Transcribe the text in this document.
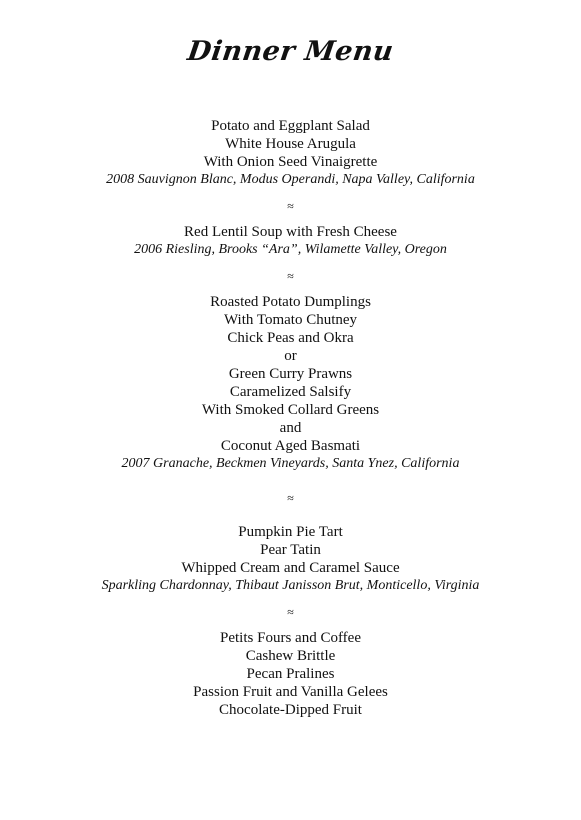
Dinner Menu
Potato and Eggplant Salad
White House Arugula
With Onion Seed Vinaigrette
2008 Sauvignon Blanc, Modus Operandi, Napa Valley, California
≈
Red Lentil Soup with Fresh Cheese
2006 Riesling, Brooks “Ara”, Wilamette Valley, Oregon
≈
Roasted Potato Dumplings
With Tomato Chutney
Chick Peas and Okra
or
Green Curry Prawns
Caramelized Salsify
With Smoked Collard Greens
and
Coconut Aged Basmati
2007 Granache, Beckmen Vineyards, Santa Ynez, California
≈
Pumpkin Pie Tart
Pear Tatin
Whipped Cream and Caramel Sauce
Sparkling Chardonnay, Thibaut Janisson Brut, Monticello, Virginia
≈
Petits Fours and Coffee
Cashew Brittle
Pecan Pralines
Passion Fruit and Vanilla Gelees
Chocolate-Dipped Fruit
